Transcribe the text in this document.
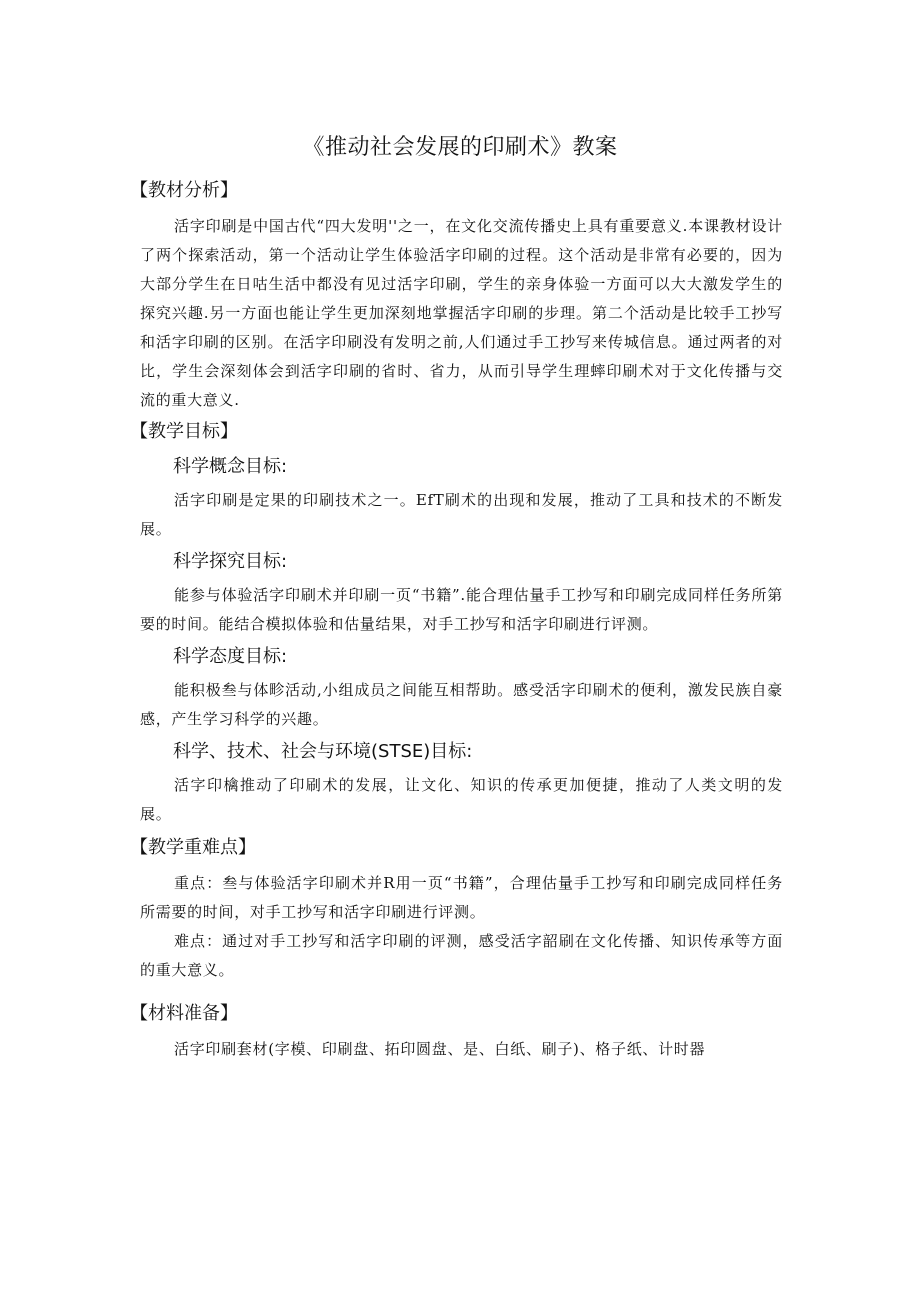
《推动社会发展的印刷术》教案
【教材分析】

活字印刷是中国古代“四大发明''之一，在文化交流传播史上具有重要意义.本课教材设计了两个探索活动，第一个活动让学生体验活字印刷的过程。这个活动是非常有必要的，因为大部分学生在日咕生活中都没有见过活字印刷，学生的亲身体验一方面可以大大激发学生的探究兴趣.另一方面也能让学生更加深刻地掌握活字印刷的步理。第二个活动是比较手工抄写和活字印刷的区别。在活字印刷没有发明之前,人们通过手工抄写来传城信息。通过两者的对比，学生会深刻体会到活字印刷的省时、省力，从而引导学生理蟀印刷术对于文化传播与交流的重大意义.

【教学目标】
科学概念目标:

活字印刷是定果的印刷技术之一。EfT刷术的出现和发展，推动了工具和技术的不断发展。

科学探究目标:

能参与体验活字印刷术并印刷一页“书籍”.能合理估量手工抄写和印刷完成同样任务所第要的时间。能结合模拟体验和估量结果，对手工抄写和活字印刷进行评测。

科学态度目标:

能积极叁与体畛活动,小组成员之间能互相帮助。感受活字印刷术的便利，激发民族自豪感，产生学习科学的兴趣。

科学、技术、社会与环境(STSE)目标:

活字印檎推动了印刷术的发展，让文化、知识的传承更加便捷，推动了人类文明的发展。

【教学重难点】

重点：叁与体验活字印刷术并R用一页“书籍”，合理估量手工抄写和印刷完成同样任务所需要的时间，对手工抄写和活字印刷进行评测。

难点：通过对手工抄写和活字印刷的评测，感受活字韶刷在文化传播、知识传承等方面的重大意义。

【材料准备】

活字印刷套材(字模、印刷盘、拓印圆盘、是、白纸、刷子)、格子纸、计时器
